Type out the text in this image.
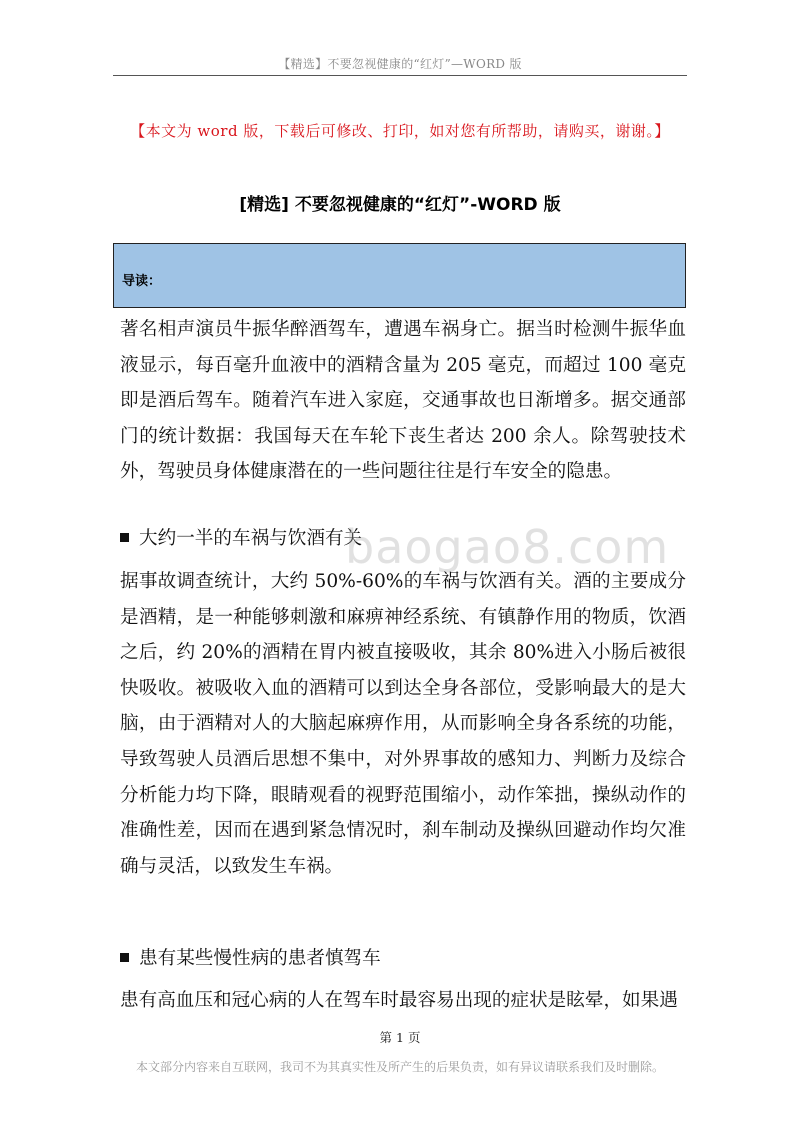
【精选】不要忽视健康的“红灯”—WORD 版
【本文为 word 版，下载后可修改、打印，如对您有所帮助，请购买，谢谢。】
[精选] 不要忽视健康的“红灯”-WORD 版
导读：

著名相声演员牛振华醉酒驾车，遭遇车祸身亡。据当时检测牛振华血液显示，每百毫升血液中的酒精含量为 205 毫克，而超过 100 毫克即是酒后驾车。随着汽车进入家庭，交通事故也日渐增多。据交通部门的统计数据：我国每天在车轮下丧生者达 200 余人。除驾驶技术外，驾驶员身体健康潜在的一些问题往往是行车安全的隐患。

大约一半的车祸与饮酒有关
baogao8.com

据事故调查统计，大约 50%-60%的车祸与饮酒有关。酒的主要成分是酒精，是一种能够刺激和麻痹神经系统、有镇静作用的物质，饮酒之后，约 20%的酒精在胃内被直接吸收，其余 80%进入小肠后被很快吸收。被吸收入血的酒精可以到达全身各部位，受影响最大的是大脑，由于酒精对人的大脑起麻痹作用，从而影响全身各系统的功能，导致驾驶人员酒后思想不集中，对外界事故的感知力、判断力及综合分析能力均下降，眼睛观看的视野范围缩小，动作笨拙，操纵动作的准确性差，因而在遇到紧急情况时，刹车制动及操纵回避动作均欠准确与灵活，以致发生车祸。

患有某些慢性病的患者慎驾车

患有高血压和冠心病的人在驾车时最容易出现的症状是眩晕，如果遇

第 1 页
本文部分内容来自互联网，我司不为其真实性及所产生的后果负责，如有异议请联系我们及时删除。
